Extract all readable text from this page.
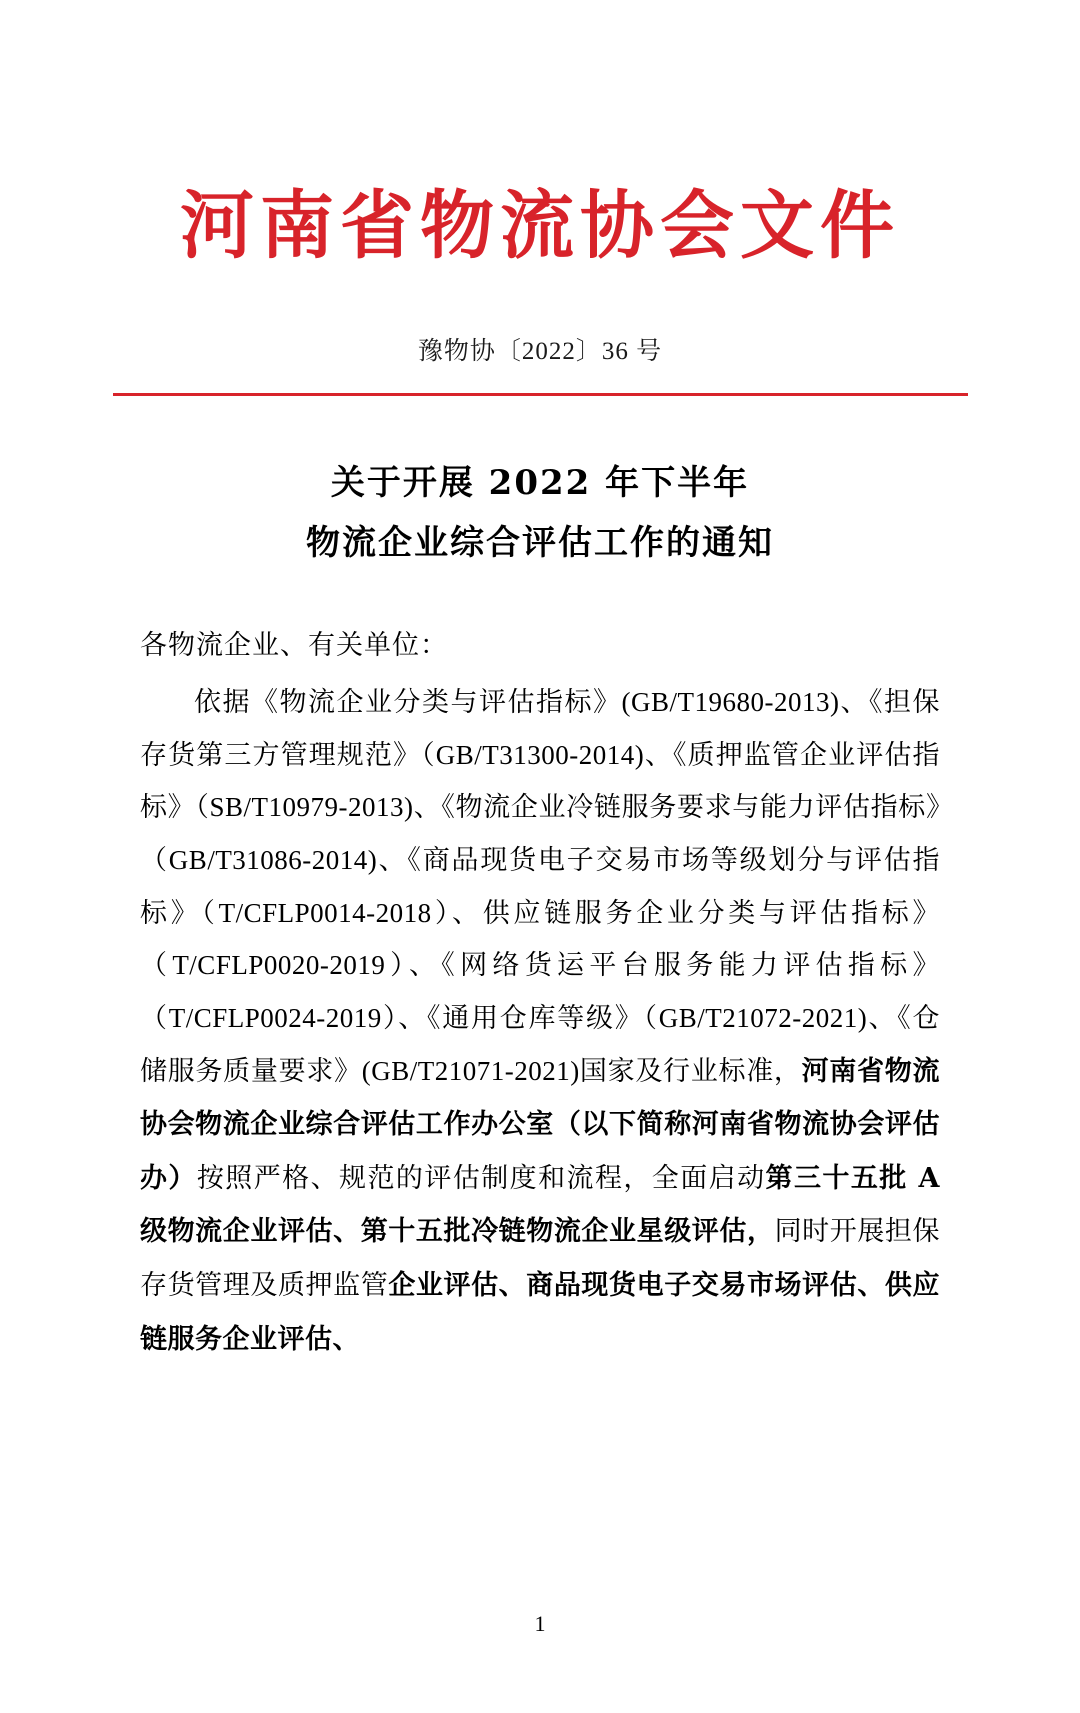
河南省物流协会文件
豫物协〔2022〕36 号
关于开展 2022 年下半年
物流企业综合评估工作的通知
各物流企业、有关单位：
依据《物流企业分类与评估指标》(GB/T19680-2013)、《担保存货第三方管理规范》（GB/T31300-2014)、《质押监管企业评估指标》（SB/T10979-2013)、《物流企业冷链服务要求与能力评估指标》（GB/T31086-2014)、《商品现货电子交易市场等级划分与评估指标》（T/CFLP0014-2018）、供应链服务企业分类与评估指标》（T/CFLP0020-2019）、《网络货运平台服务能力评估指标》（T/CFLP0024-2019）、《通用仓库等级》（GB/T21072-2021)、《仓储服务质量要求》(GB/T21071-2021)国家及行业标准，河南省物流协会物流企业综合评估工作办公室（以下简称河南省物流协会评估办）按照严格、规范的评估制度和流程，全面启动第三十五批 A 级物流企业评估、第十五批冷链物流企业星级评估，同时开展担保存货管理及质押监管企业评估、商品现货电子交易市场评估、供应链服务企业评估、
1
